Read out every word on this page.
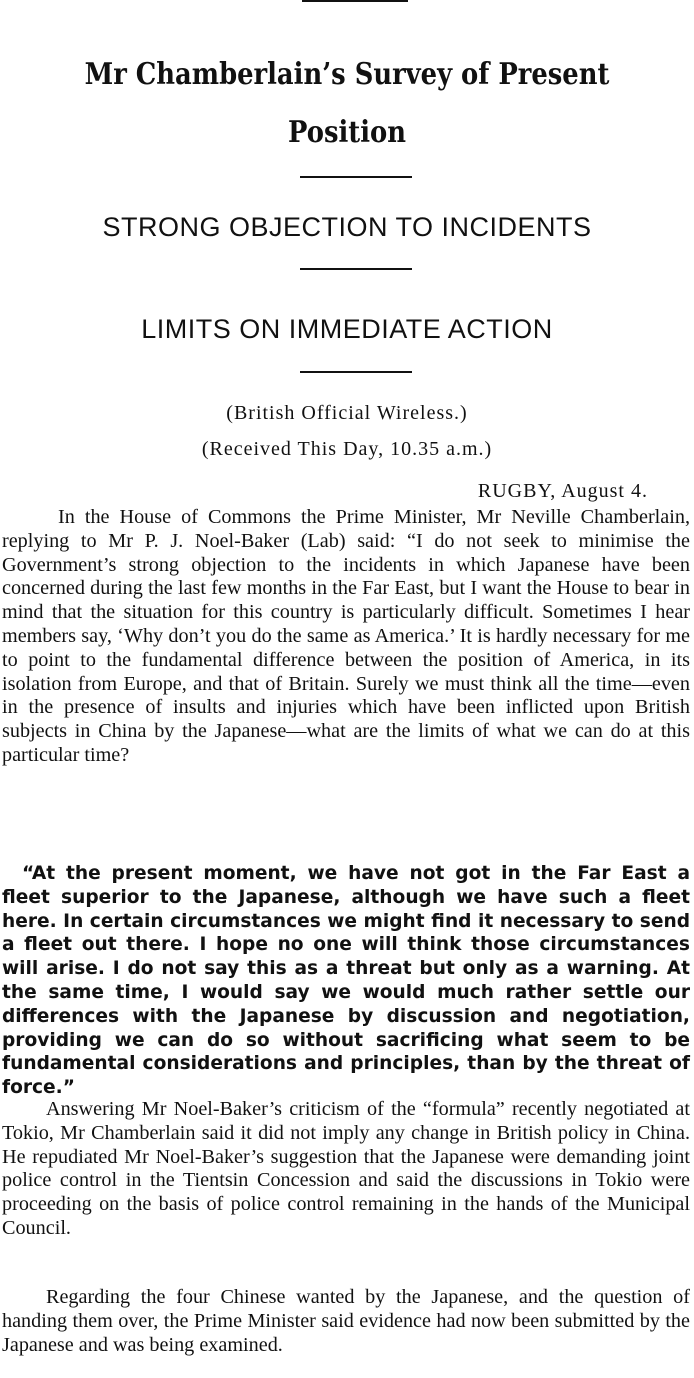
Mr Chamberlain’s Survey of Present
Position
STRONG OBJECTION TO INCIDENTS
LIMITS ON IMMEDIATE ACTION
(British Official Wireless.)
(Received This Day, 10.35 a.m.)
RUGBY, August 4.

In the House of Commons the Prime Minister, Mr Neville Chamberlain, replying to Mr P. J. Noel-Baker (Lab) said: “I do not seek to minimise the Government’s strong objection to the incidents in which Japanese have been concerned during the last few months in the Far East, but I want the House to bear in mind that the situation for this country is particularly difficult. Sometimes I hear members say, ‘Why don’t you do the same as America.’ It is hardly necessary for me to point to the fundamental difference between the position of America, in its isolation from Europe, and that of Britain. Surely we must think all the time—even in the presence of insults and injuries which have been inflicted upon British subjects in China by the Japanese—what are the limits of what we can do at this particular time?

“At the present moment, we have not got in the Far East a fleet superior to the Japanese, although we have such a fleet here. In certain circumstances we might find it necessary to send a fleet out there. I hope no one will think those circumstances will arise. I do not say this as a threat but only as a warning. At the same time, I would say we would much rather settle our differences with the Japanese by discussion and negotiation, providing we can do so without sacrificing what seem to be fundamental considerations and principles, than by the threat of force.”

Answering Mr Noel-Baker’s criticism of the “formula” recently negotiated at Tokio, Mr Chamberlain said it did not imply any change in British policy in China. He repudiated Mr Noel-Baker’s suggestion that the Japanese were demanding joint police control in the Tientsin Concession and said the discussions in Tokio were proceeding on the basis of police control remaining in the hands of the Municipal Council.

Regarding the four Chinese wanted by the Japanese, and the question of handing them over, the Prime Minister said evidence had now been submitted by the Japanese and was being examined.
